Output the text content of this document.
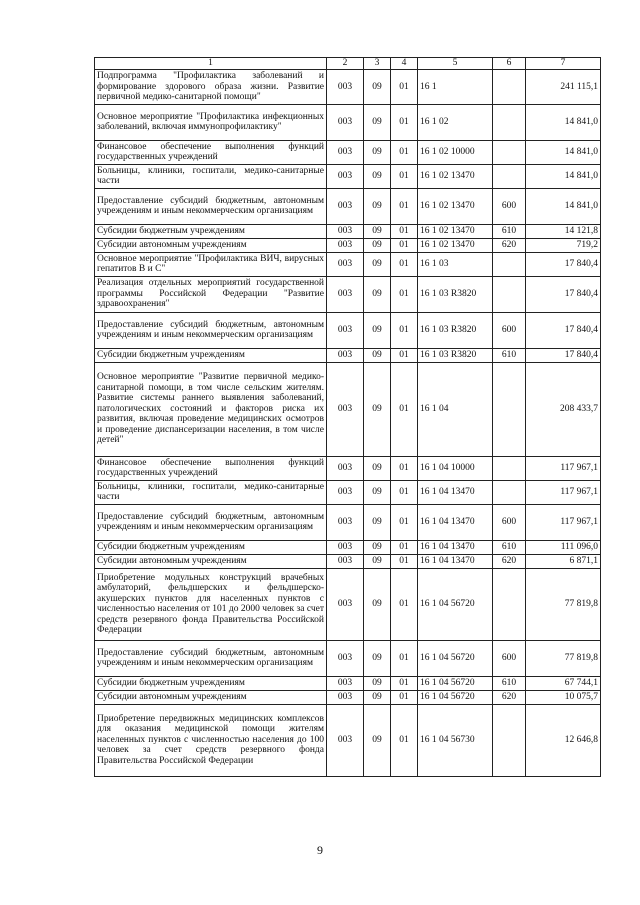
1	2	3	4	5	6	7
Подпрограмма "Профилактика заболеваний и формирование здорового образа жизни. Развитие первичной медико-санитарной помощи"	003	09	01	16 1		241 115,1
Основное мероприятие "Профилактика инфекционных заболеваний, включая иммунопрофилактику"	003	09	01	16 1 02		14 841,0
Финансовое обеспечение выполнения функций государственных учреждений	003	09	01	16 1 02 10000		14 841,0
Больницы, клиники, госпитали, медико-санитарные части	003	09	01	16 1 02 13470		14 841,0
Предоставление субсидий бюджетным, автономным учреждениям и иным некоммерческим организациям	003	09	01	16 1 02 13470	600	14 841,0
Субсидии бюджетным учреждениям	003	09	01	16 1 02 13470	610	14 121,8
Субсидии автономным учреждениям	003	09	01	16 1 02 13470	620	719,2
Основное мероприятие "Профилактика ВИЧ, вирусных гепатитов В и С"	003	09	01	16 1 03		17 840,4
Реализация отдельных мероприятий государственной программы Российской Федерации "Развитие здравоохранения"	003	09	01	16 1 03 R3820		17 840,4
Предоставление субсидий бюджетным, автономным учреждениям и иным некоммерческим организациям	003	09	01	16 1 03 R3820	600	17 840,4
Субсидии бюджетным учреждениям	003	09	01	16 1 03 R3820	610	17 840,4
Основное мероприятие "Развитие первичной медико-санитарной помощи, в том числе сельским жителям. Развитие системы раннего выявления заболеваний, патологических состояний и факторов риска их развития, включая проведение медицинских осмотров и проведение диспансеризации населения, в том числе детей"	003	09	01	16 1 04		208 433,7
Финансовое обеспечение выполнения функций государственных учреждений	003	09	01	16 1 04 10000		117 967,1
Больницы, клиники, госпитали, медико-санитарные части	003	09	01	16 1 04 13470		117 967,1
Предоставление субсидий бюджетным, автономным учреждениям и иным некоммерческим организациям	003	09	01	16 1 04 13470	600	117 967,1
Субсидии бюджетным учреждениям	003	09	01	16 1 04 13470	610	111 096,0
Субсидии автономным учреждениям	003	09	01	16 1 04 13470	620	6 871,1
Приобретение модульных конструкций врачебных амбулаторий, фельдшерских и фельдшерско-акушерских пунктов для населенных пунктов с численностью населения от 101 до 2000 человек за счет средств резервного фонда Правительства Российской Федерации	003	09	01	16 1 04 56720		77 819,8
Предоставление субсидий бюджетным, автономным учреждениям и иным некоммерческим организациям	003	09	01	16 1 04 56720	600	77 819,8
Субсидии бюджетным учреждениям	003	09	01	16 1 04 56720	610	67 744,1
Субсидии автономным учреждениям	003	09	01	16 1 04 56720	620	10 075,7
Приобретение передвижных медицинских комплексов для оказания медицинской помощи жителям населенных пунктов с численностью населения до 100 человек за счет средств резервного фонда Правительства Российской Федерации	003	09	01	16 1 04 56730		12 646,8
9
